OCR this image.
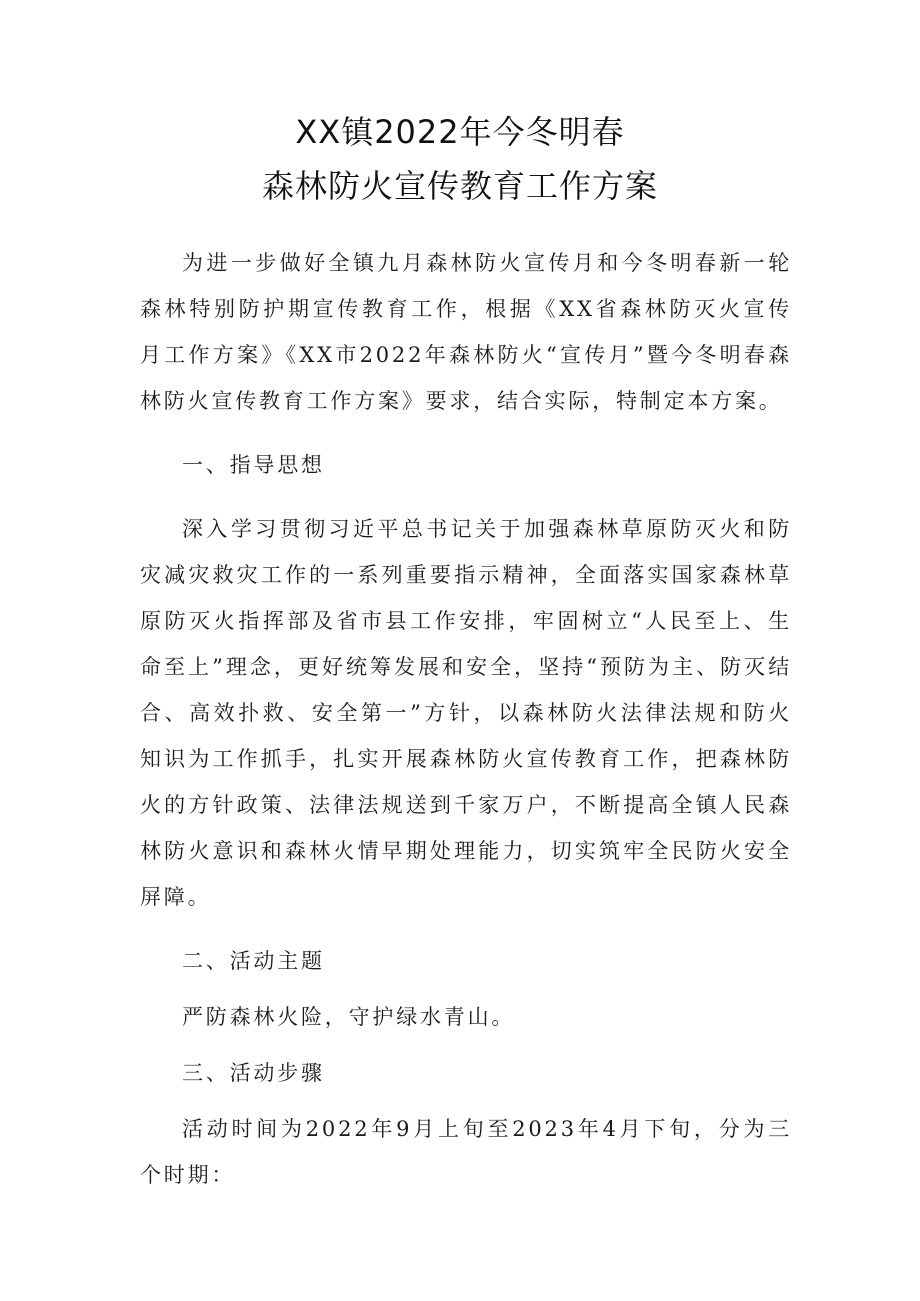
XX镇2022年今冬明春
森林防火宣传教育工作方案

为进一步做好全镇九月森林防火宣传月和今冬明春新一轮森林特别防护期宣传教育工作，根据《XX省森林防灭火宣传月工作方案》《XX市2022年森林防火“宣传月”暨今冬明春森林防火宣传教育工作方案》要求，结合实际，特制定本方案。

一、指导思想

深入学习贯彻习近平总书记关于加强森林草原防灭火和防灾减灾救灾工作的一系列重要指示精神，全面落实国家森林草原防灭火指挥部及省市县工作安排，牢固树立“人民至上、生命至上”理念，更好统筹发展和安全，坚持“预防为主、防灭结合、高效扑救、安全第一”方针，以森林防火法律法规和防火知识为工作抓手，扎实开展森林防火宣传教育工作，把森林防火的方针政策、法律法规送到千家万户，不断提高全镇人民森林防火意识和森林火情早期处理能力，切实筑牢全民防火安全屏障。

二、活动主题

严防森林火险，守护绿水青山。

三、活动步骤

活动时间为2022年9月上旬至2023年4月下旬，分为三个时期：
